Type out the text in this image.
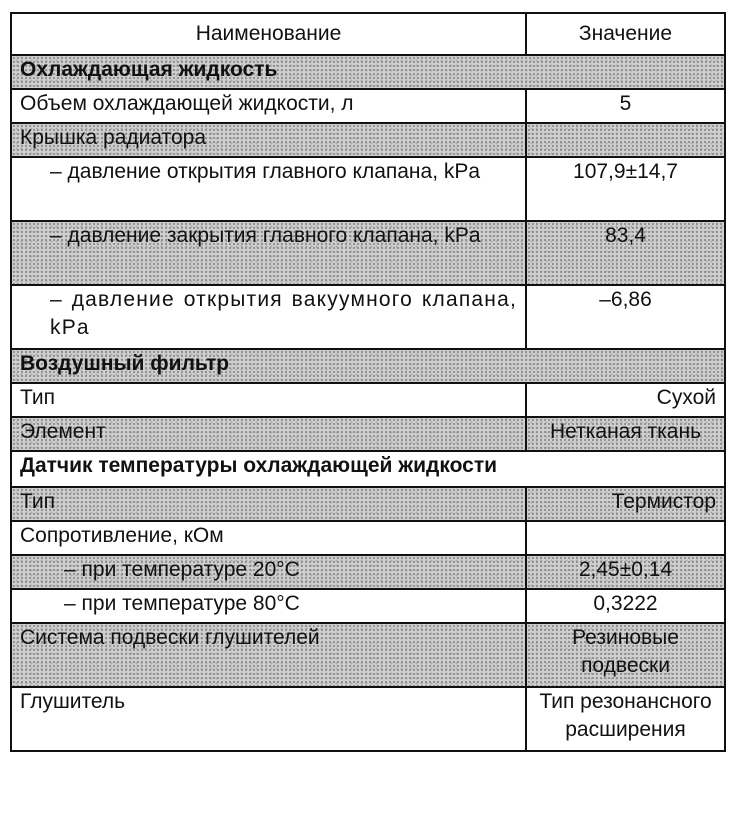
Наименование	Значение
Охлаждающая жидкость	
Объем охлаждающей жидкости, л	5
Крышка радиатора	
– давление открытия главного клапана, kPa	107,9±14,7
– давление закрытия главного клапана, kPa	83,4
– давление открытия вакуумного клапана, kPa	–6,86
Воздушный фильтр	
Тип	Сухой
Элемент	Нетканая ткань
Датчик температуры охлаждающей жидкости	
Тип	Термистор
Сопротивление, кОм	
– при температуре 20°C	2,45±0,14
– при температуре 80°C	0,3222
Система подвески глушителей	Резиновые подвески
Глушитель	Тип резонансного расширения
